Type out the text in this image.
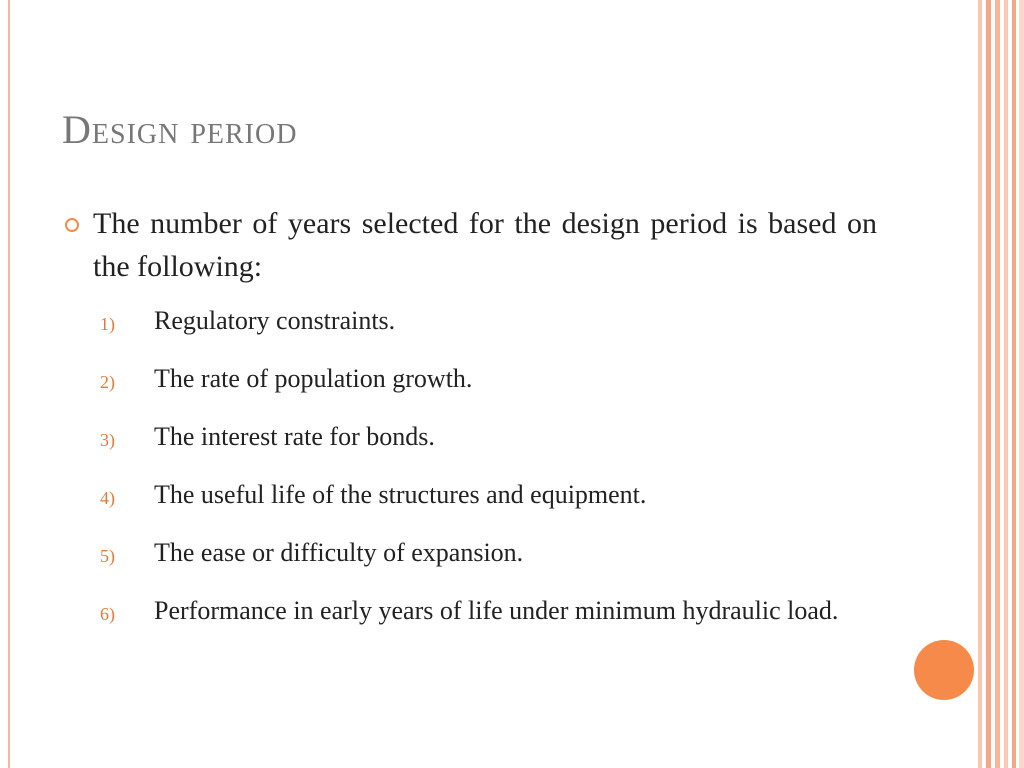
Design period

The number of years selected for the design period is based on the following:

1)	Regulatory constraints.
2)	The rate of population growth.
3)	The interest rate for bonds.
4)	The useful life of the structures and equipment.
5)	The ease or difficulty of expansion.
6)	Performance in early years of life under minimum hydraulic load.
